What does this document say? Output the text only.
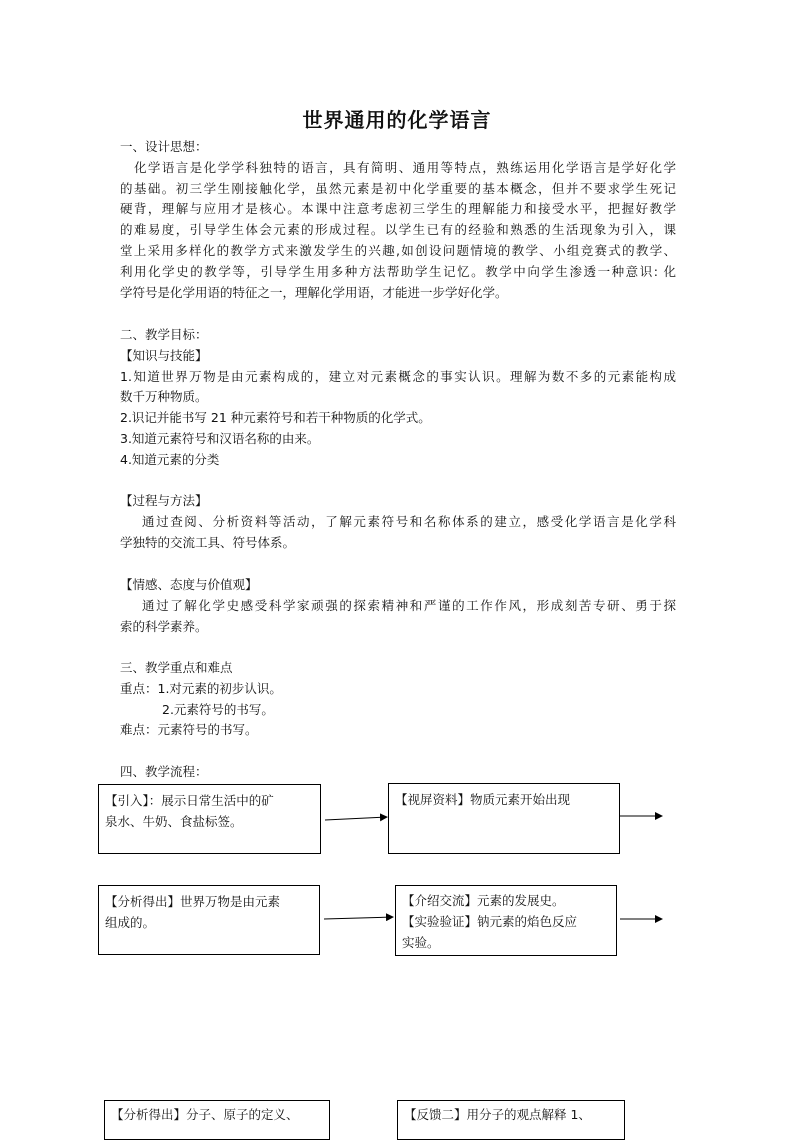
世界通用的化学语言
一、设计思想：
化学语言是化学学科独特的语言，具有简明、通用等特点，熟练运用化学语言是学好化学
的基础。初三学生刚接触化学，虽然元素是初中化学重要的基本概念，但并不要求学生死记
硬背，理解与应用才是核心。本课中注意考虑初三学生的理解能力和接受水平，把握好教学
的难易度，引导学生体会元素的形成过程。以学生已有的经验和熟悉的生活现象为引入，课
堂上采用多样化的教学方式来激发学生的兴趣,如创设问题情境的教学、小组竞赛式的教学、
利用化学史的教学等，引导学生用多种方法帮助学生记忆。教学中向学生渗透一种意识: 化
学符号是化学用语的特征之一，理解化学用语，才能进一步学好化学。
二、教学目标：
【知识与技能】
1.知道世界万物是由元素构成的，建立对元素概念的事实认识。理解为数不多的元素能构成
数千万种物质。
2.识记并能书写 21 种元素符号和若干种物质的化学式。
3.知道元素符号和汉语名称的由来。
4.知道元素的分类
【过程与方法】
通过查阅、分析资料等活动，了解元素符号和名称体系的建立，感受化学语言是化学科
学独特的交流工具、符号体系。
【情感、态度与价值观】
通过了解化学史感受科学家顽强的探索精神和严谨的工作作风，形成刻苦专研、勇于探
索的科学素养。
三、教学重点和难点
重点：1.对元素的初步认识。
2.元素符号的书写。
难点：元素符号的书写。
四、教学流程：
【引入】：展示日常生活中的矿
泉水、牛奶、食盐标签。
【视屏资料】物质元素开始出现
【分析得出】世界万物是由元素
组成的。
【介绍交流】元素的发展史。
【实验验证】钠元素的焰色反应
实验。
【分析得出】分子、原子的定义、	【反馈二】用分子的观点解释 1、
